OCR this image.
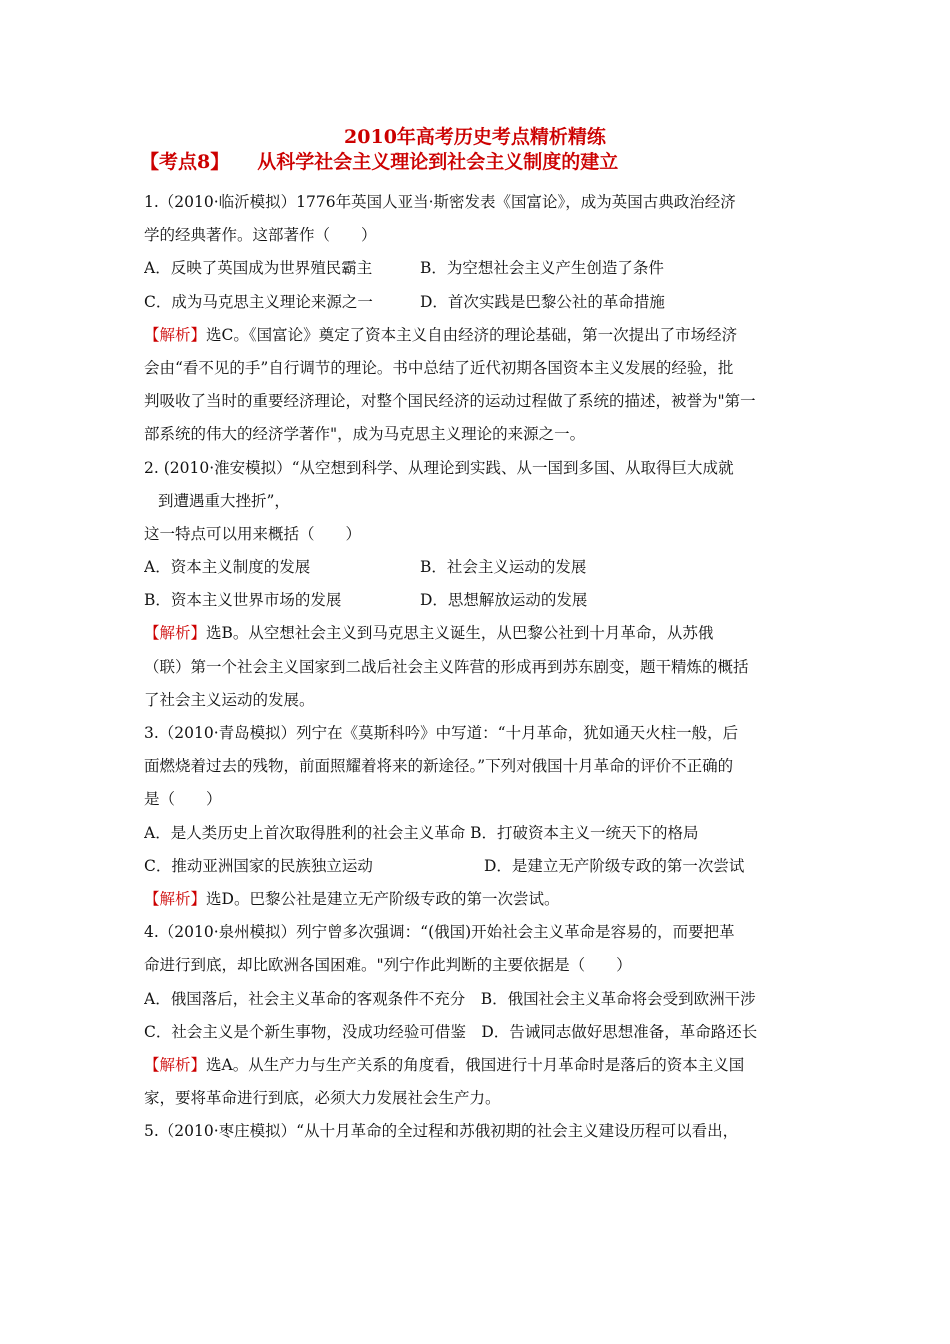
2010年高考历史考点精析精练
【考点8】 从科学社会主义理论到社会主义制度的建立
1.（2010·临沂模拟）1776年英国人亚当·斯密发表《国富论》，成为英国古典政治经济
学的经典著作。这部著作（　　）
A．反映了英国成为世界殖民霸主	B．为空想社会主义产生创造了条件
C．成为马克思主义理论来源之一	D．首次实践是巴黎公社的革命措施
【解析】选C。《国富论》奠定了资本主义自由经济的理论基础，第一次提出了市场经济
会由“看不见的手”自行调节的理论。书中总结了近代初期各国资本主义发展的经验，批
判吸收了当时的重要经济理论，对整个国民经济的运动过程做了系统的描述，被誉为"第一
部系统的伟大的经济学著作"，成为马克思主义理论的来源之一。
2. (2010·淮安模拟）“从空想到科学、从理论到实践、从一国到多国、从取得巨大成就
到遭遇重大挫折”，
这一特点可以用来概括（　　）
A．资本主义制度的发展	B．社会主义运动的发展
B．资本主义世界市场的发展	D．思想解放运动的发展
【解析】选B。从空想社会主义到马克思主义诞生，从巴黎公社到十月革命，从苏俄
（联）第一个社会主义国家到二战后社会主义阵营的形成再到苏东剧变，题干精炼的概括
了社会主义运动的发展。
3.（2010·青岛模拟）列宁在《莫斯科吟》中写道：“十月革命，犹如通天火柱一般，后
面燃烧着过去的残物，前面照耀着将来的新途径。”下列对俄国十月革命的评价不正确的
是（　　）
A．是人类历史上首次取得胜利的社会主义革命 B．打破资本主义一统天下的格局
C．推动亚洲国家的民族独立运动	D．是建立无产阶级专政的第一次尝试
【解析】选D。巴黎公社是建立无产阶级专政的第一次尝试。
4.（2010·泉州模拟）列宁曾多次强调：“(俄国)开始社会主义革命是容易的，而要把革
命进行到底，却比欧洲各国困难。"列宁作此判断的主要依据是（　　）
A．俄国落后，社会主义革命的客观条件不充分　B．俄国社会主义革命将会受到欧洲干涉
C．社会主义是个新生事物，没成功经验可借鉴　D．告诫同志做好思想准备，革命路还长
【解析】选A。从生产力与生产关系的角度看，俄国进行十月革命时是落后的资本主义国
家，要将革命进行到底，必须大力发展社会生产力。
5.（2010·枣庄模拟）“从十月革命的全过程和苏俄初期的社会主义建设历程可以看出，
